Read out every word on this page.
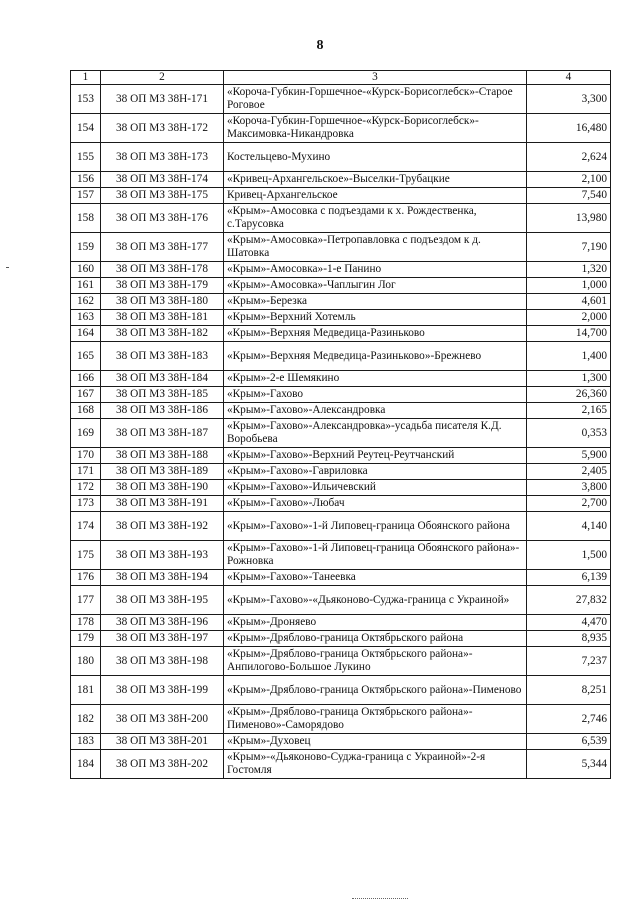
8
1	2	3	4
153	38 ОП МЗ 38Н-171	«Короча-Губкин-Горшечное-«Курск-Борисоглебск»-Старое Роговое	3,300
154	38 ОП МЗ 38Н-172	«Короча-Губкин-Горшечное-«Курск-Борисоглебск»-Максимовка-Никандровка	16,480
155	38 ОП МЗ 38Н-173	Костельцево-Мухино	2,624
156	38 ОП МЗ 38Н-174	«Кривец-Архангельское»-Выселки-Трубацкие	2,100
157	38 ОП МЗ 38Н-175	Кривец-Архангельское	7,540
158	38 ОП МЗ 38Н-176	«Крым»-Амосовка с подъездами к х. Рождественка, с.Тарусовка	13,980
159	38 ОП МЗ 38Н-177	«Крым»-Амосовка»-Петропавловка с подъездом к д. Шатовка	7,190
160	38 ОП МЗ 38Н-178	«Крым»-Амосовка»-1-е Панино	1,320
161	38 ОП МЗ 38Н-179	«Крым»-Амосовка»-Чаплыгин Лог	1,000
162	38 ОП МЗ 38Н-180	«Крым»-Березка	4,601
163	38 ОП МЗ 38Н-181	«Крым»-Верхний Хотемль	2,000
164	38 ОП МЗ 38Н-182	«Крым»-Верхняя Медведица-Разиньково	14,700
165	38 ОП МЗ 38Н-183	«Крым»-Верхняя Медведица-Разиньково»-Брежнево	1,400
166	38 ОП МЗ 38Н-184	«Крым»-2-е Шемякино	1,300
167	38 ОП МЗ 38Н-185	«Крым»-Гахово	26,360
168	38 ОП МЗ 38Н-186	«Крым»-Гахово»-Александровка	2,165
169	38 ОП МЗ 38Н-187	«Крым»-Гахово»-Александровка»-усадьба писателя К.Д. Воробьева	0,353
170	38 ОП МЗ 38Н-188	«Крым»-Гахово»-Верхний Реутец-Реутчанский	5,900
171	38 ОП МЗ 38Н-189	«Крым»-Гахово»-Гавриловка	2,405
172	38 ОП МЗ 38Н-190	«Крым»-Гахово»-Ильичевский	3,800
173	38 ОП МЗ 38Н-191	«Крым»-Гахово»-Любач	2,700
174	38 ОП МЗ 38Н-192	«Крым»-Гахово»-1-й Липовец-граница Обоянского района	4,140
175	38 ОП МЗ 38Н-193	«Крым»-Гахово»-1-й Липовец-граница Обоянского района»-Рожновка	1,500
176	38 ОП МЗ 38Н-194	«Крым»-Гахово»-Танеевка	6,139
177	38 ОП МЗ 38Н-195	«Крым»-Гахово»-«Дьяконово-Суджа-граница с Украиной»	27,832
178	38 ОП МЗ 38Н-196	«Крым»-Дроняево	4,470
179	38 ОП МЗ 38Н-197	«Крым»-Дрябловo-граница Октябрьского района	8,935
180	38 ОП МЗ 38Н-198	«Крым»-Дряблово-граница Октябрьского района»-Анпилогово-Большое Лукино	7,237
181	38 ОП МЗ 38Н-199	«Крым»-Дряблово-граница Октябрьского района»-Пименово	8,251
182	38 ОП МЗ 38Н-200	«Крым»-Дряблово-граница Октябрьского района»-Пименово»-Самоpядово	2,746
183	38 ОП МЗ 38Н-201	«Крым»-Духовец	6,539
184	38 ОП МЗ 38Н-202	«Крым»-«Дьяконово-Суджа-граница с Украиной»-2-я Гостомля	5,344
